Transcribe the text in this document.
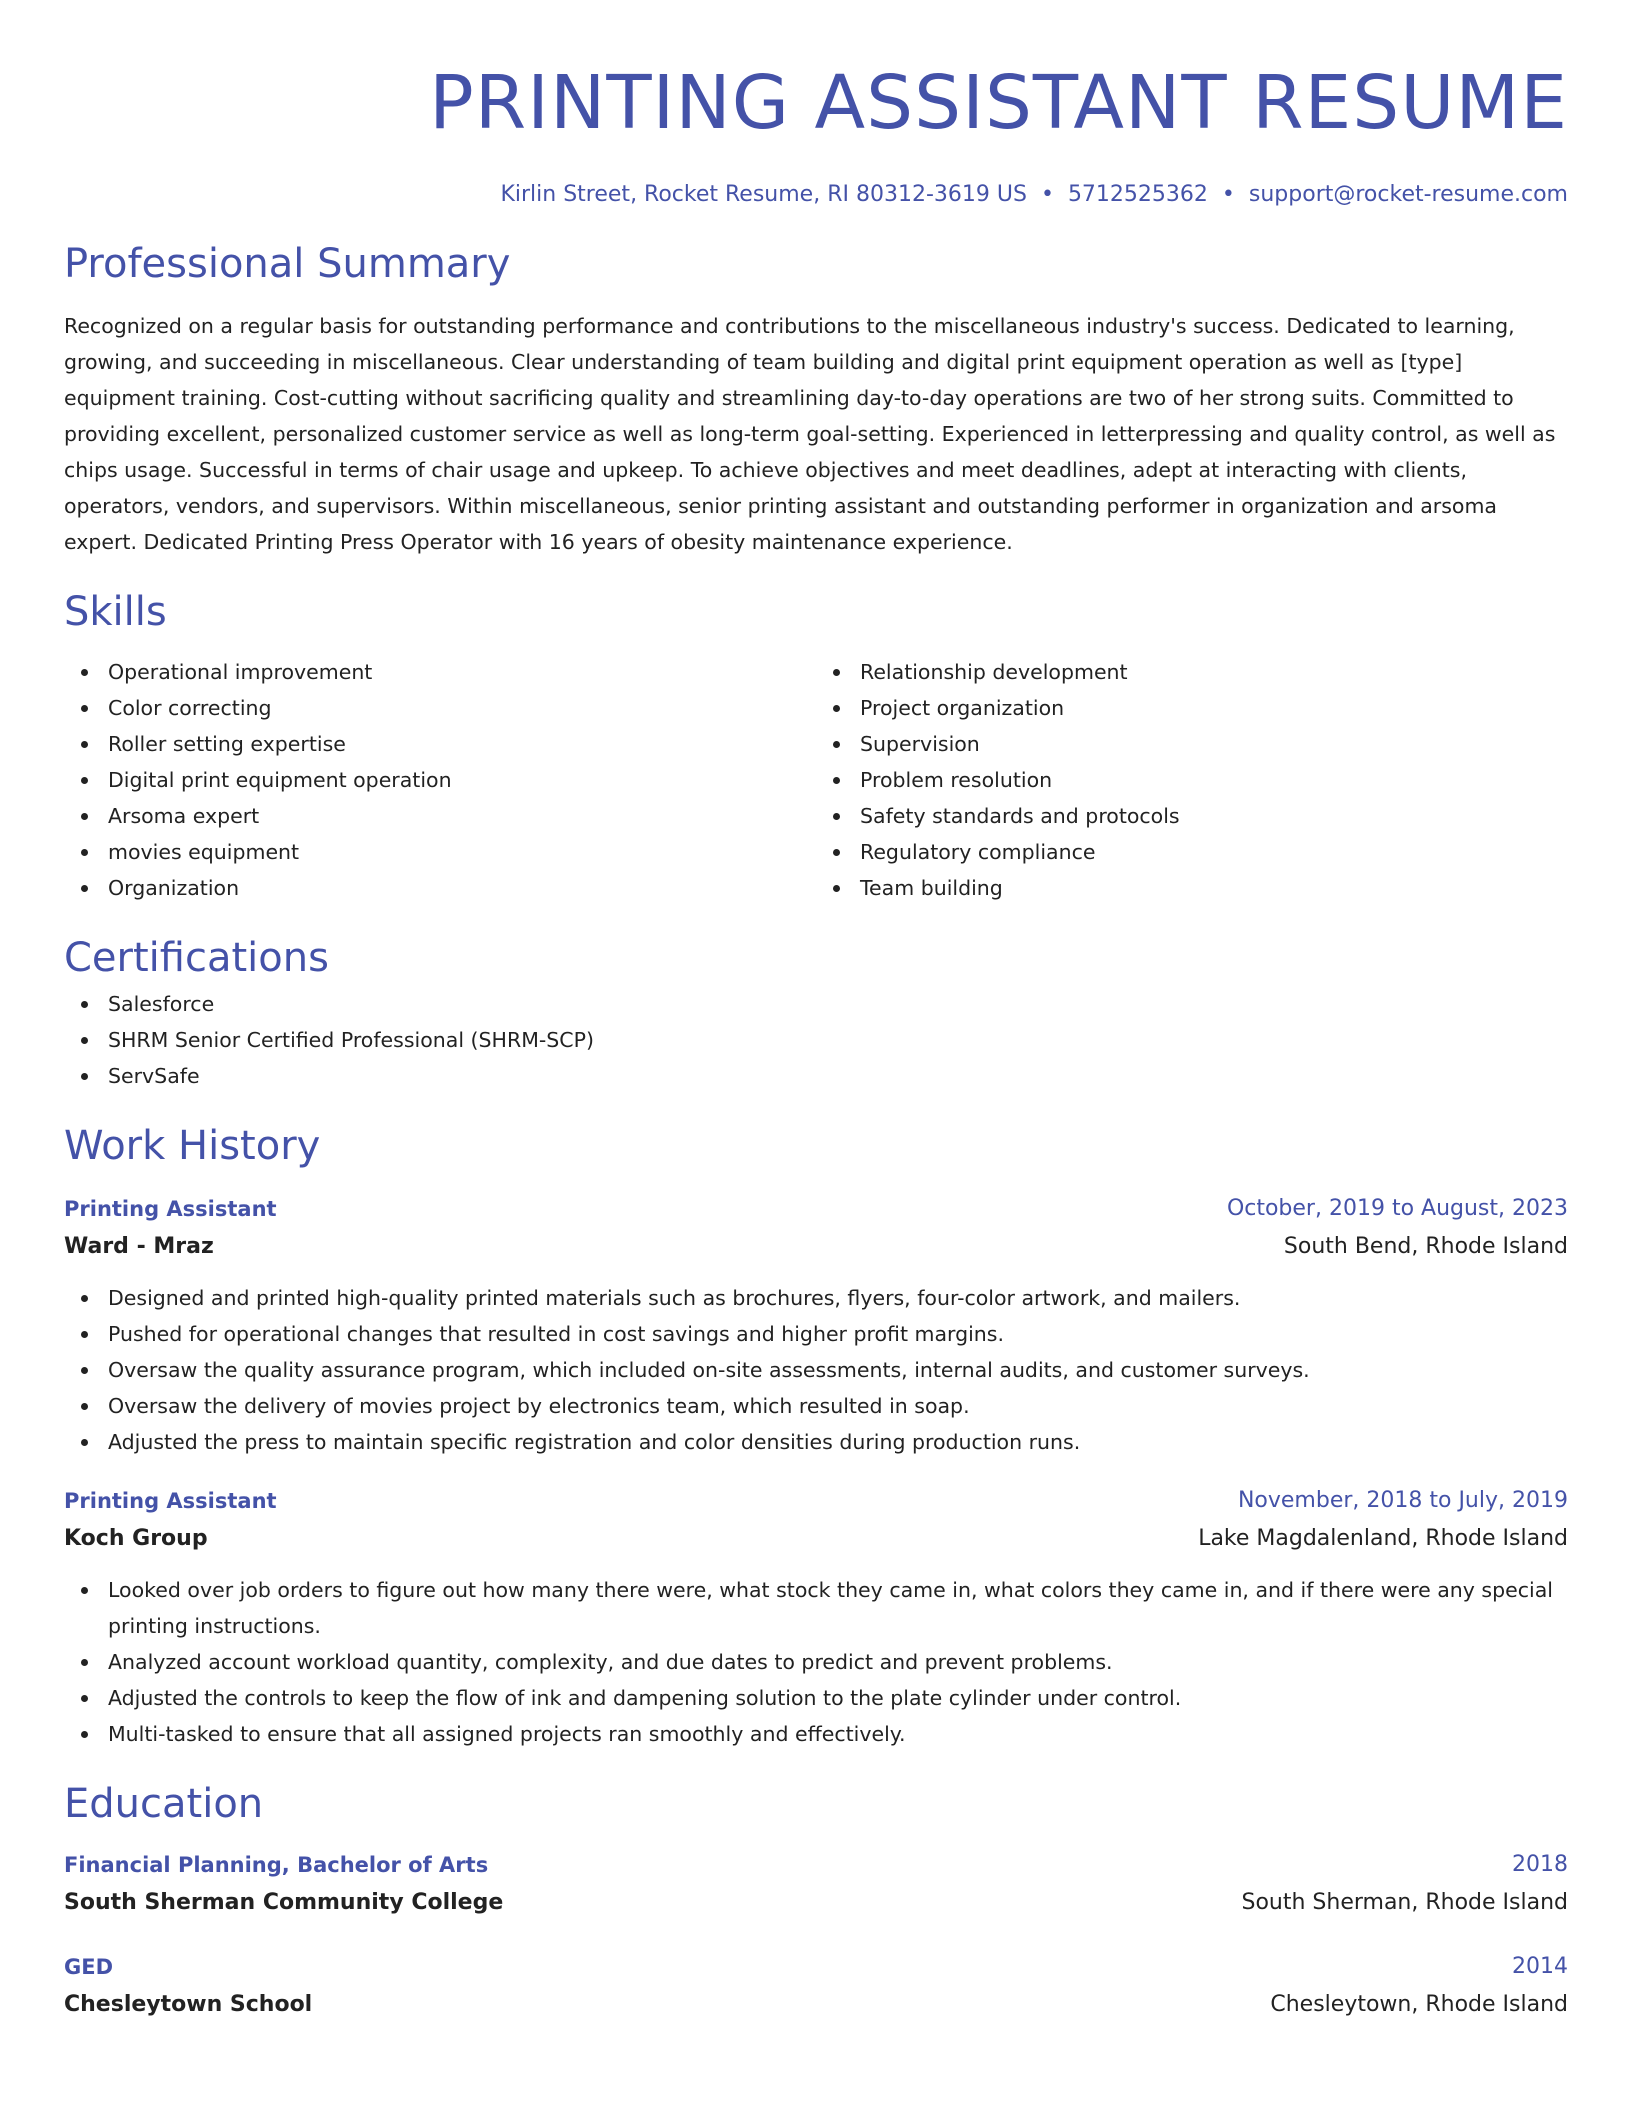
PRINTING ASSISTANT RESUME
Kirlin Street, Rocket Resume, RI 80312-3619 US • 5712525362 • support@rocket-resume.com
Professional Summary

Recognized on a regular basis for outstanding performance and contributions to the miscellaneous industry's success. Dedicated to learning, growing, and succeeding in miscellaneous. Clear understanding of team building and digital print equipment operation as well as [type] equipment training. Cost-cutting without sacrificing quality and streamlining day-to-day operations are two of her strong suits. Committed to providing excellent, personalized customer service as well as long-term goal-setting. Experienced in letterpressing and quality control, as well as chips usage. Successful in terms of chair usage and upkeep. To achieve objectives and meet deadlines, adept at interacting with clients, operators, vendors, and supervisors. Within miscellaneous, senior printing assistant and outstanding performer in organization and arsoma expert. Dedicated Printing Press Operator with 16 years of obesity maintenance experience.

Skills
Operational improvement
Color correcting
Roller setting expertise
Digital print equipment operation
Arsoma expert
movies equipment
Organization
Relationship development
Project organization
Supervision
Problem resolution
Safety standards and protocols
Regulatory compliance
Team building
Certifications
Salesforce
SHRM Senior Certified Professional (SHRM-SCP)
ServSafe
Work History
Printing Assistant	October, 2019 to August, 2023
Ward - Mraz	South Bend, Rhode Island
Designed and printed high-quality printed materials such as brochures, flyers, four-color artwork, and mailers.
Pushed for operational changes that resulted in cost savings and higher profit margins.
Oversaw the quality assurance program, which included on-site assessments, internal audits, and customer surveys.
Oversaw the delivery of movies project by electronics team, which resulted in soap.
Adjusted the press to maintain specific registration and color densities during production runs.
Printing Assistant	November, 2018 to July, 2019
Koch Group	Lake Magdalenland, Rhode Island
Looked over job orders to figure out how many there were, what stock they came in, what colors they came in, and if there were any special printing instructions.
Analyzed account workload quantity, complexity, and due dates to predict and prevent problems.
Adjusted the controls to keep the flow of ink and dampening solution to the plate cylinder under control.
Multi-tasked to ensure that all assigned projects ran smoothly and effectively.
Education
Financial Planning, Bachelor of Arts	2018
South Sherman Community College	South Sherman, Rhode Island
GED	2014
Chesleytown School	Chesleytown, Rhode Island
